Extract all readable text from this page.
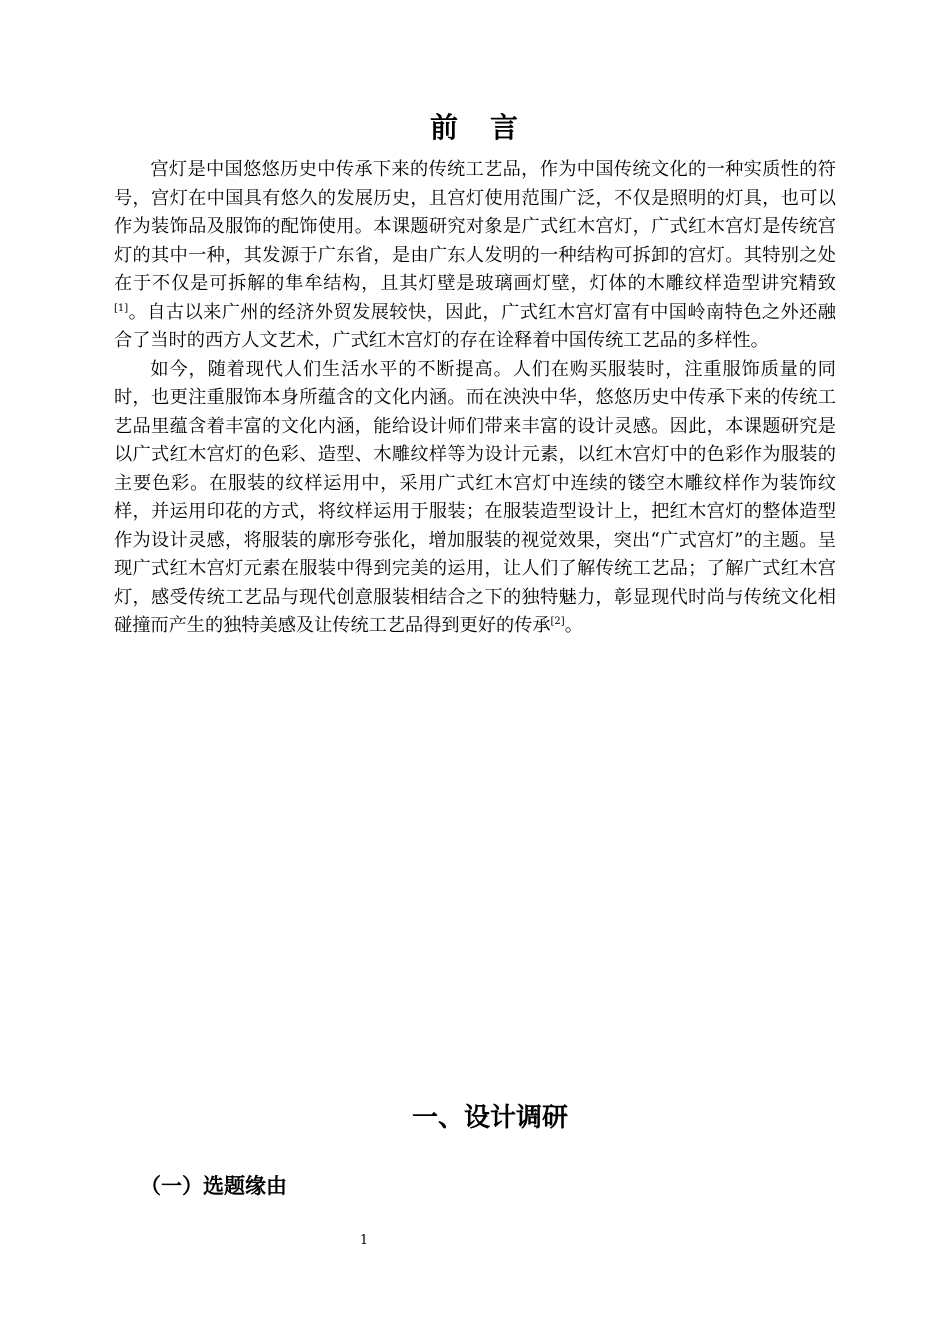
前　言

宫灯是中国悠悠历史中传承下来的传统工艺品，作为中国传统文化的一种实质性的符号，宫灯在中国具有悠久的发展历史，且宫灯使用范围广泛，不仅是照明的灯具，也可以作为装饰品及服饰的配饰使用。本课题研究对象是广式红木宫灯，广式红木宫灯是传统宫灯的其中一种，其发源于广东省，是由广东人发明的一种结构可拆卸的宫灯。其特别之处在于不仅是可拆解的隼牟结构，且其灯壁是玻璃画灯壁，灯体的木雕纹样造型讲究精致[1]。自古以来广州的经济外贸发展较快，因此，广式红木宫灯富有中国岭南特色之外还融合了当时的西方人文艺术，广式红木宫灯的存在诠释着中国传统工艺品的多样性。

如今，随着现代人们生活水平的不断提高。人们在购买服装时，注重服饰质量的同时，也更注重服饰本身所蕴含的文化内涵。而在泱泱中华，悠悠历史中传承下来的传统工艺品里蕴含着丰富的文化内涵，能给设计师们带来丰富的设计灵感。因此，本课题研究是以广式红木宫灯的色彩、造型、木雕纹样等为设计元素，以红木宫灯中的色彩作为服装的主要色彩。在服装的纹样运用中，采用广式红木宫灯中连续的镂空木雕纹样作为装饰纹样，并运用印花的方式，将纹样运用于服装；在服装造型设计上，把红木宫灯的整体造型作为设计灵感，将服装的廓形夸张化，增加服装的视觉效果，突出“广式宫灯”的主题。呈现广式红木宫灯元素在服装中得到完美的运用，让人们了解传统工艺品；了解广式红木宫灯，感受传统工艺品与现代创意服装相结合之下的独特魅力，彰显现代时尚与传统文化相碰撞而产生的独特美感及让传统工艺品得到更好的传承[2]。

一、设计调研
（一）选题缘由
1
